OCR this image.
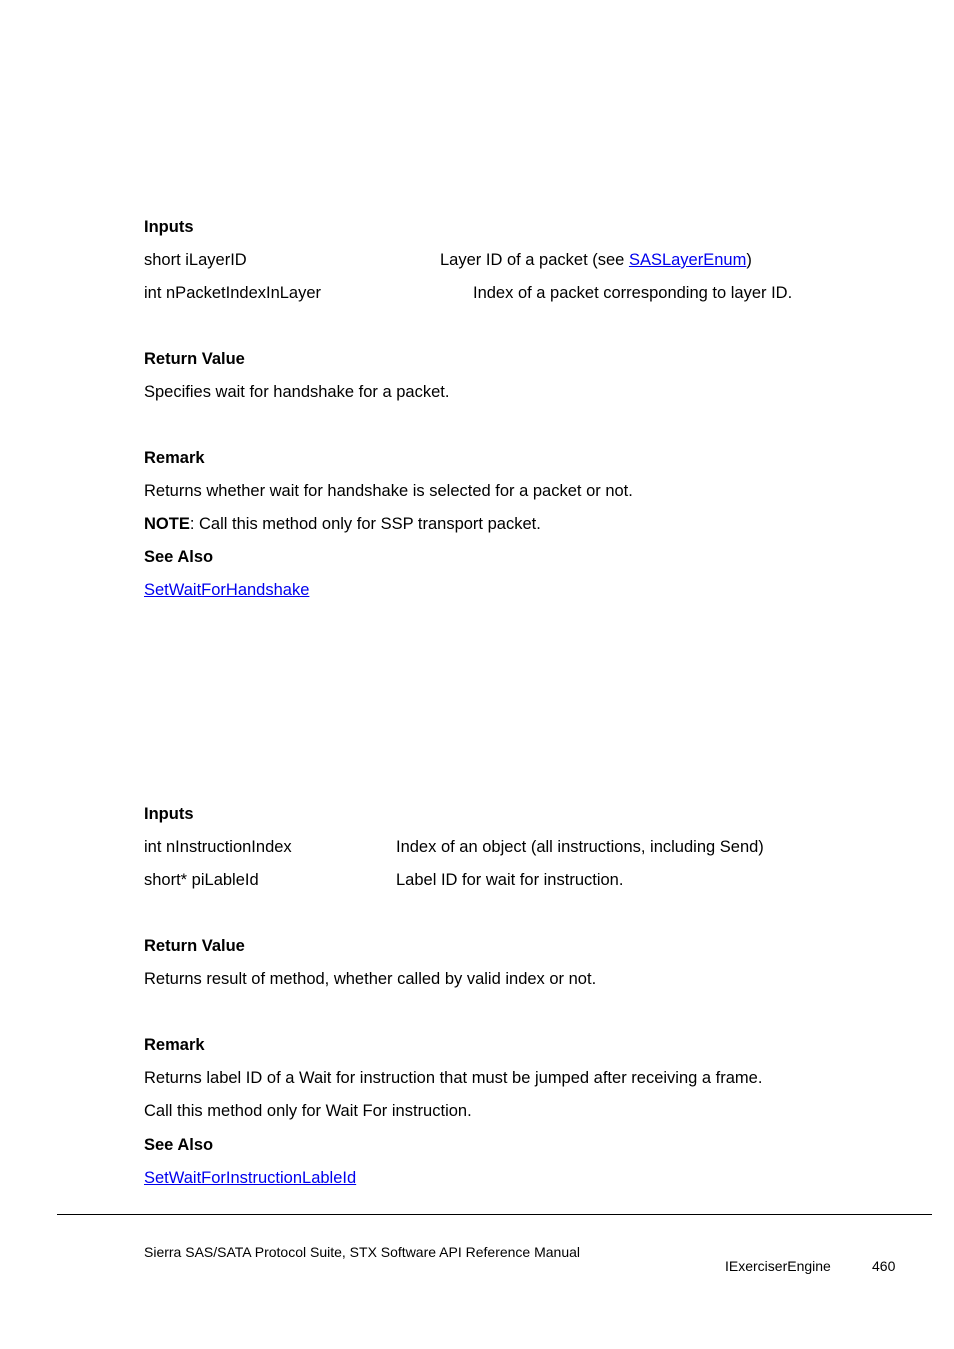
Inputs
short iLayerID	Layer ID of a packet (see SASLayerEnum)
int nPacketIndexInLayer	Index of a packet corresponding to layer ID.
Return Value
Specifies wait for handshake for a packet.
Remark
Returns whether wait for handshake is selected for a packet or not.
NOTE: Call this method only for SSP transport packet.
See Also
SetWaitForHandshake
Inputs
int nInstructionIndex	Index of an object (all instructions, including Send)
short* piLableId	Label ID for wait for instruction.
Return Value
Returns result of method, whether called by valid index or not.
Remark
Returns label ID of a Wait for instruction that must be jumped after receiving a frame.
Call this method only for Wait For instruction.
See Also
SetWaitForInstructionLableId
Sierra SAS/SATA Protocol Suite, STX Software API Reference Manual
IExerciserEngine	460
